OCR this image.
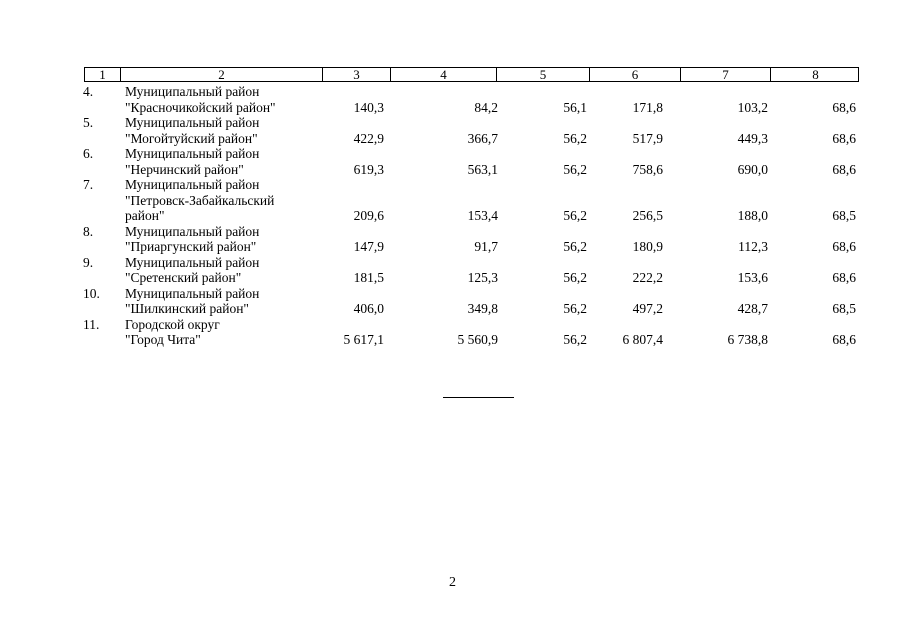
1	2	3	4	5	6	7	8
4.	Муниципальный район
"Красночикойский район"	140,3	84,2	56,1	171,8	103,2	68,6
5.	Муниципальный район
"Могойтуйский район"	422,9	366,7	56,2	517,9	449,3	68,6
6.	Муниципальный район
"Нерчинский район"	619,3	563,1	56,2	758,6	690,0	68,6
7.	Муниципальный район
"Петровск-Забайкальский
район"	209,6	153,4	56,2	256,5	188,0	68,5
8.	Муниципальный район
"Приаргунский район"	147,9	91,7	56,2	180,9	112,3	68,6
9.	Муниципальный район
"Сретенский район"	181,5	125,3	56,2	222,2	153,6	68,6
10.	Муниципальный район
"Шилкинский район"	406,0	349,8	56,2	497,2	428,7	68,5
11.	Городской округ
"Город Чита"	5 617,1	5 560,9	56,2	6 807,4	6 738,8	68,6
2
